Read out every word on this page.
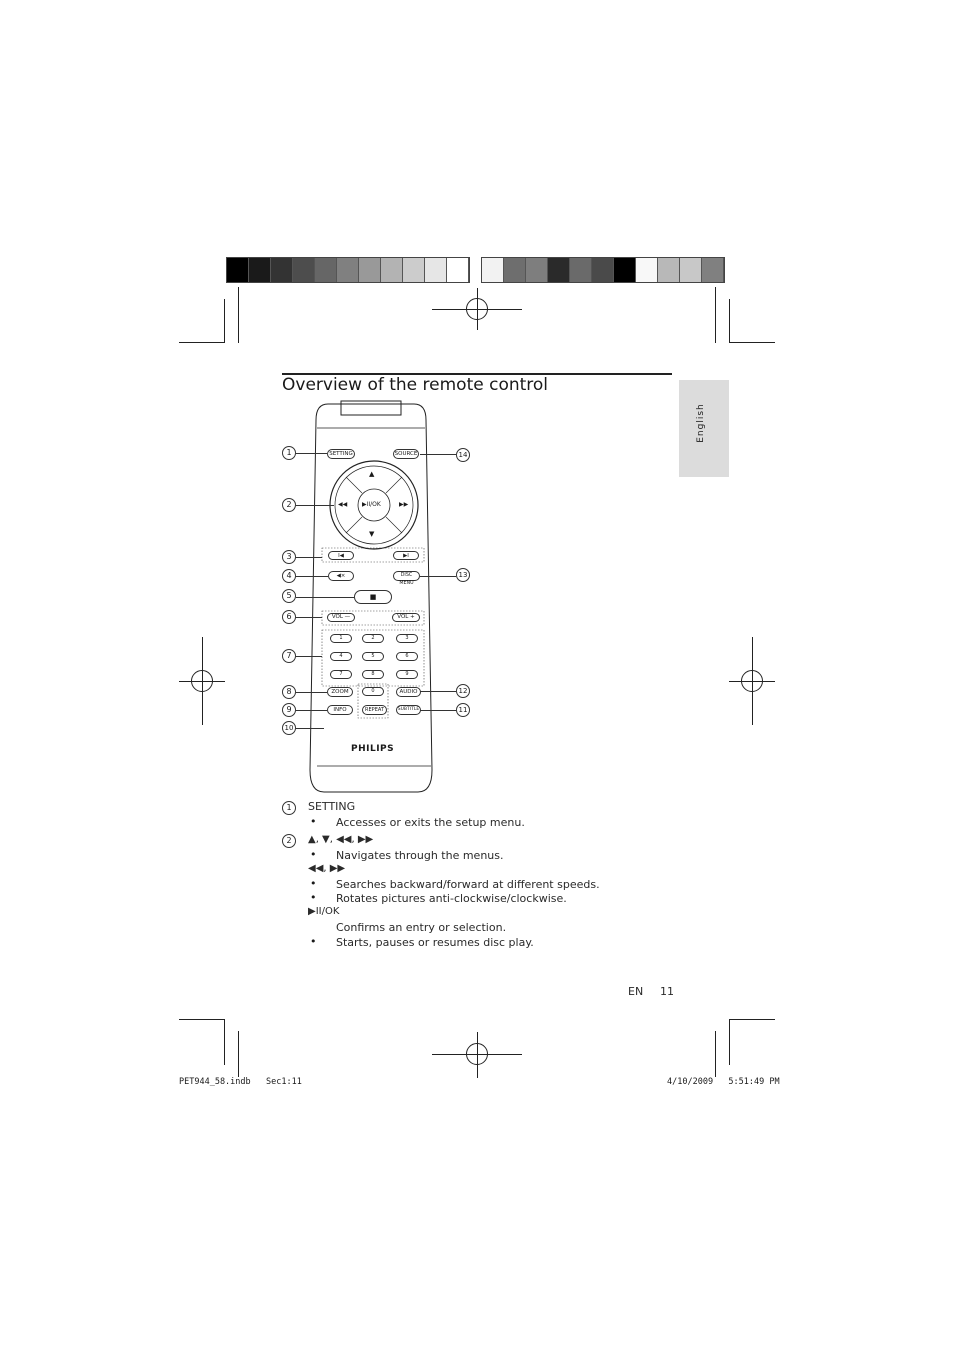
Overview of the remote control
English
SETTING	SOURCE
▲
▼
◀◀	▶▶
▶II/OK
I◀	▶I
◀×	DISC MENU
■
VOL —	VOL +
1	2	3
4	5	6
7	8	9
ZOOM	0	AUDIO
INFO	REPEAT	SUBTITLE
PHILIPS
1
2
3
4
5
6
7
8
9
10
11
12
13
14
1	SETTING
• Accesses or exits the setup menu.
2	▲, ▼, ◀◀, ▶▶
• Navigates through the menus.
◀◀, ▶▶
• Searches backward/forward at different speeds.
• Rotates pictures anti-clockwise/clockwise.
▶II/OK
Confirms an entry or selection.
• Starts, pauses or resumes disc play.
EN 11
PET944_58.indb   Sec1:11	4/10/2009   5:51:49 PM
